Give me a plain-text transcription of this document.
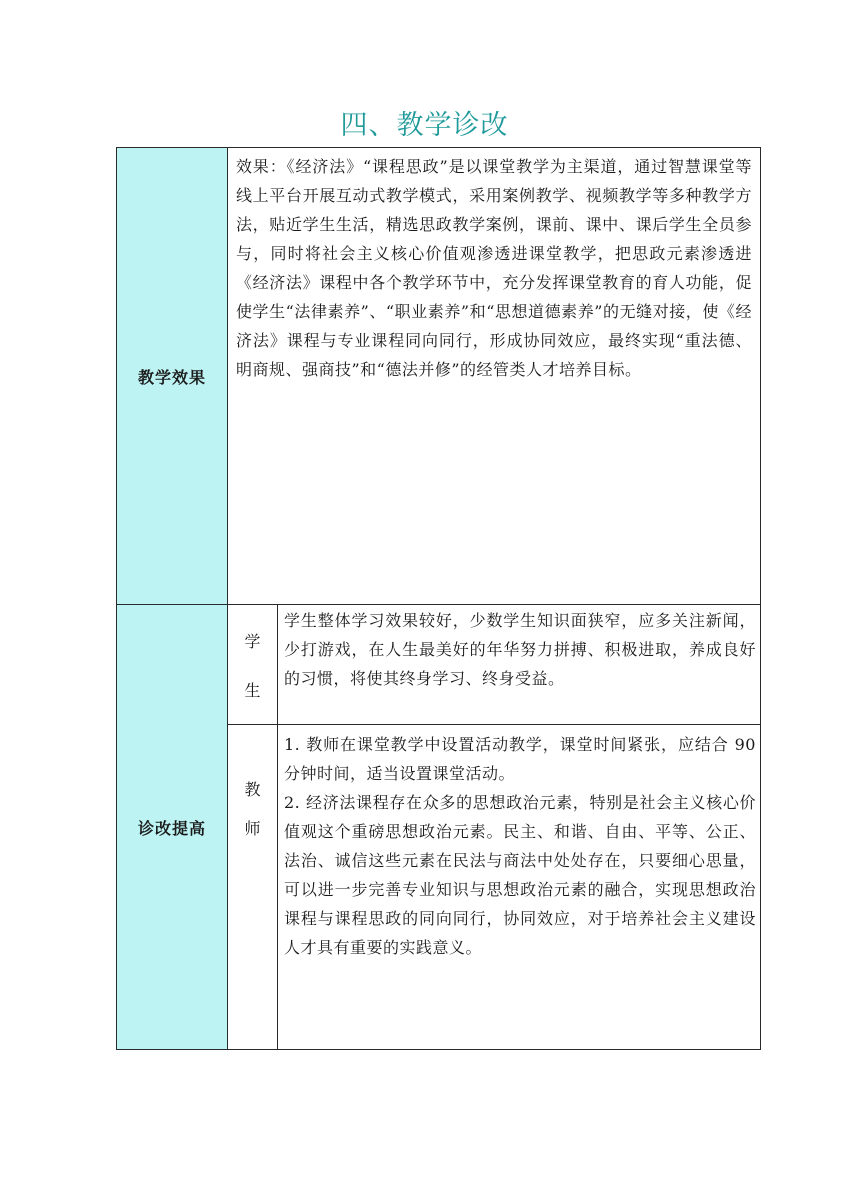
四、教学诊改
教学效果

效果：《经济法》“课程思政”是以课堂教学为主渠道，通过智慧课堂等线上平台开展互动式教学模式，采用案例教学、视频教学等多种教学方法，贴近学生生活，精选思政教学案例，课前、课中、课后学生全员参与，同时将社会主义核心价值观渗透进课堂教学，把思政元素渗透进《经济法》课程中各个教学环节中，充分发挥课堂教育的育人功能，促使学生“法律素养”、“职业素养”和“思想道德素养”的无缝对接，使《经济法》课程与专业课程同向同行，形成协同效应，最终实现“重法德、明商规、强商技”和“德法并修”的经管类人才培养目标。

诊改提高
学
生

学生整体学习效果较好，少数学生知识面狭窄，应多关注新闻，少打游戏，在人生最美好的年华努力拼搏、积极进取，养成良好的习惯，将使其终身学习、终身受益。

教
师

1. 教师在课堂教学中设置活动教学，课堂时间紧张，应结合 90 分钟时间，适当设置课堂活动。

2. 经济法课程存在众多的思想政治元素，特别是社会主义核心价值观这个重磅思想政治元素。民主、和谐、自由、平等、公正、法治、诚信这些元素在民法与商法中处处存在，只要细心思量，可以进一步完善专业知识与思想政治元素的融合，实现思想政治课程与课程思政的同向同行，协同效应，对于培养社会主义建设人才具有重要的实践意义。
